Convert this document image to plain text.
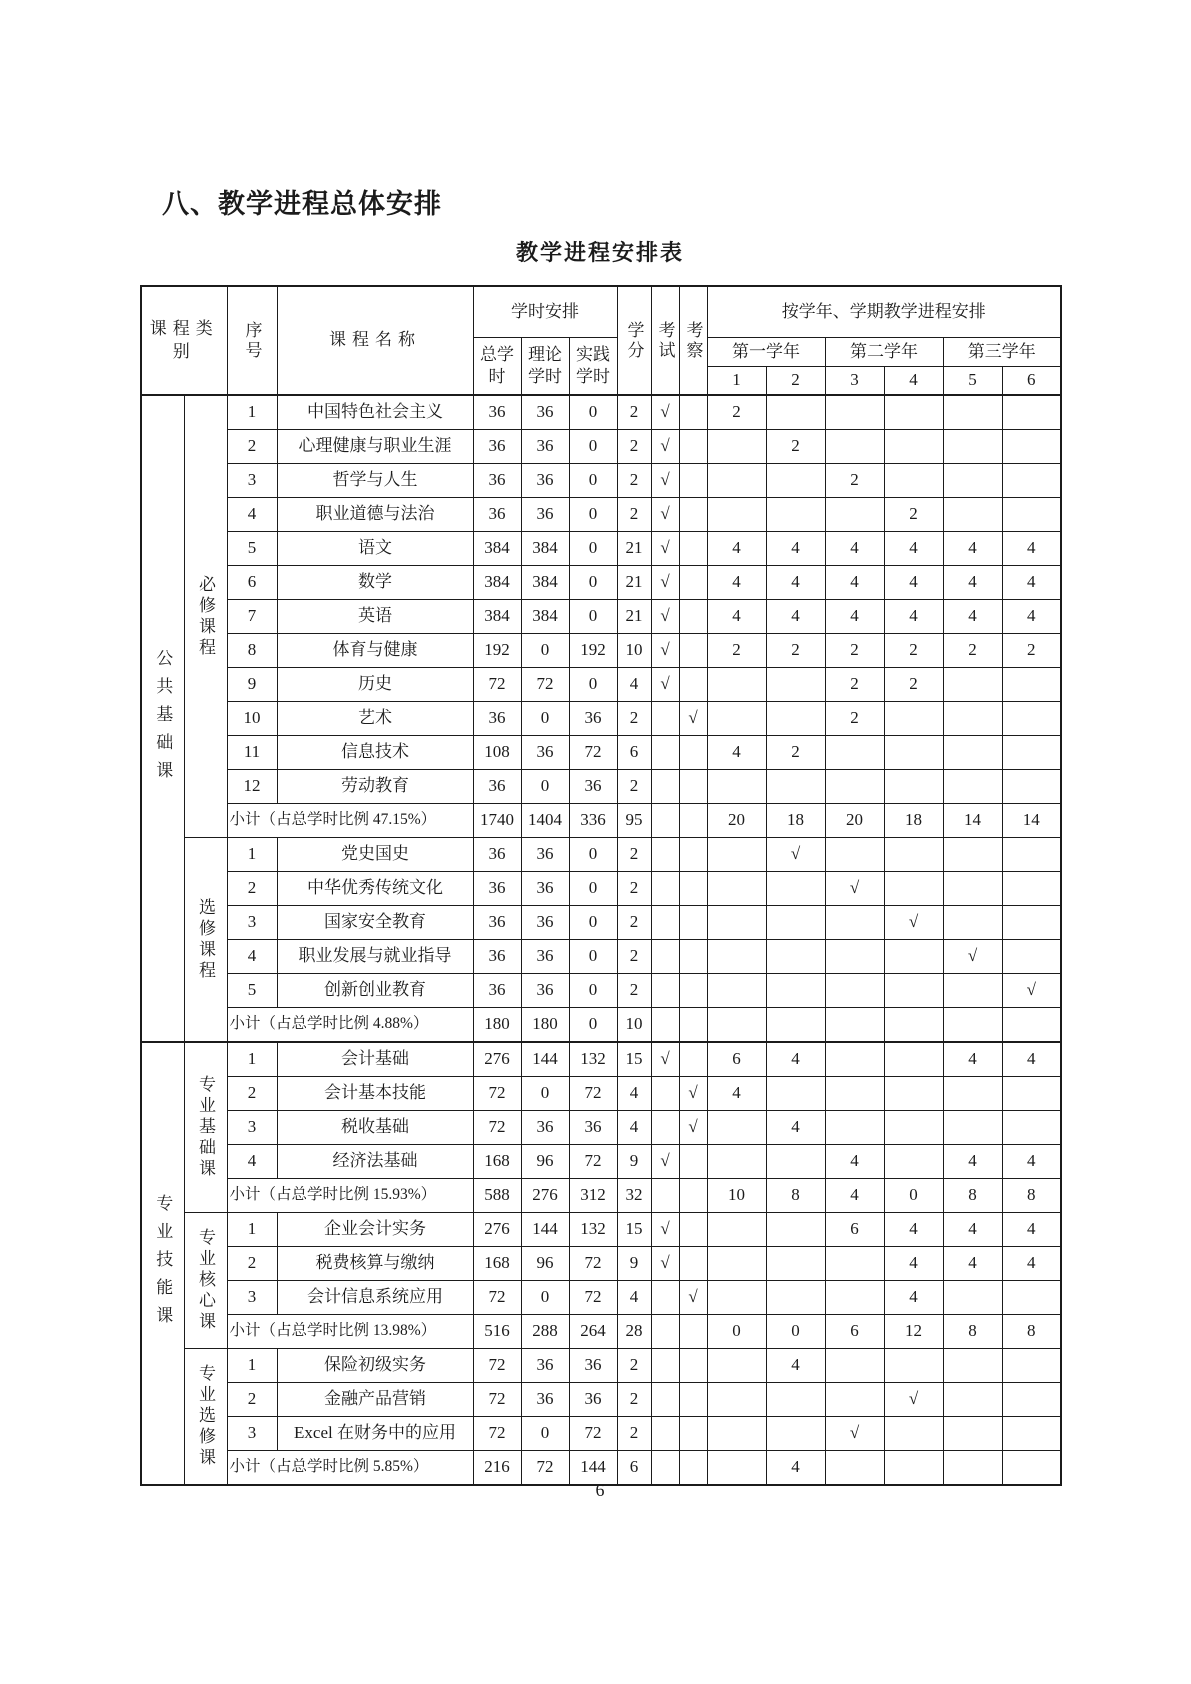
八、教学进程总体安排
教学进程安排表
课程类别		序号	课程名称	学时安排			学分	考试	考察	按学年、学期教学进程安排					
				总学时	理论学时	实践学时				第一学年		第二学年		第三学年	
										1	2	3	4	5	6
公共基础课	必修课程	1	中国特色社会主义	36	36	0	2	√		2					
		2	心理健康与职业生涯	36	36	0	2	√			2				
		3	哲学与人生	36	36	0	2	√				2			
		4	职业道德与法治	36	36	0	2	√					2		
		5	语文	384	384	0	21	√		4	4	4	4	4	4
		6	数学	384	384	0	21	√		4	4	4	4	4	4
		7	英语	384	384	0	21	√		4	4	4	4	4	4
		8	体育与健康	192	0	192	10	√		2	2	2	2	2	2
		9	历史	72	72	0	4	√				2	2		
		10	艺术	36	0	36	2		√			2			
		11	信息技术	108	36	72	6			4	2				
		12	劳动教育	36	0	36	2								
		小计（占总学时比例 47.15%）		1740	1404	336	95			20	18	20	18	14	14
	选修课程	1	党史国史	36	36	0	2				√				
		2	中华优秀传统文化	36	36	0	2					√			
		3	国家安全教育	36	36	0	2						√		
		4	职业发展与就业指导	36	36	0	2							√	
		5	创新创业教育	36	36	0	2								√
		小计（占总学时比例 4.88%）		180	180	0	10								
专业技能课	专业基础课	1	会计基础	276	144	132	15	√		6	4			4	4
		2	会计基本技能	72	0	72	4		√	4					
		3	税收基础	72	36	36	4		√		4				
		4	经济法基础	168	96	72	9	√				4		4	4
		小计（占总学时比例 15.93%）		588	276	312	32			10	8	4	0	8	8
	专业核心课	1	企业会计实务	276	144	132	15	√				6	4	4	4
		2	税费核算与缴纳	168	96	72	9	√					4	4	4
		3	会计信息系统应用	72	0	72	4		√				4		
		小计（占总学时比例 13.98%）		516	288	264	28			0	0	6	12	8	8
	专业选修课	1	保险初级实务	72	36	36	2				4				
		2	金融产品营销	72	36	36	2						√		
		3	Excel 在财务中的应用	72	0	72	2					√			
		小计（占总学时比例 5.85%）		216	72	144	6				4				
6
